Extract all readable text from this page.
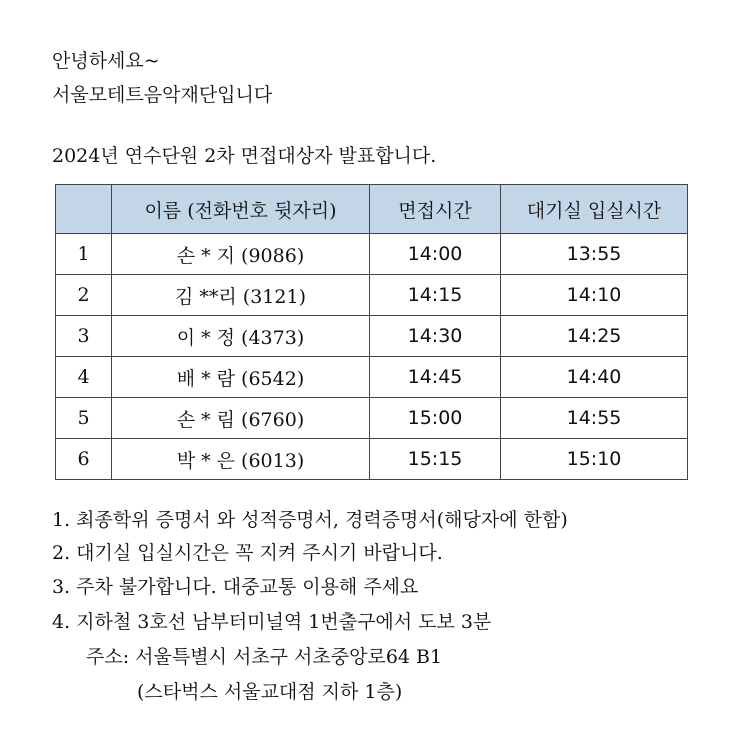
안녕하세요~
서울모테트음악재단입니다
2024년 연수단원 2차 면접대상자 발표합니다.
	이름 (전화번호 뒷자리)	면접시간	대기실 입실시간
1	손 * 지 (9086)	14:00	13:55
2	김 **리 (3121)	14:15	14:10
3	이 * 정 (4373)	14:30	14:25
4	배 * 람 (6542)	14:45	14:40
5	손 * 림 (6760)	15:00	14:55
6	박 * 은 (6013)	15:15	15:10
1. 최종학위 증명서 와 성적증명서, 경력증명서(해당자에 한함)
2. 대기실 입실시간은 꼭 지켜 주시기 바랍니다.
3. 주차 불가합니다. 대중교통 이용해 주세요
4. 지하철 3호선 남부터미널역 1번출구에서 도보 3분
주소: 서울특별시 서초구 서초중앙로64 B1
(스타벅스 서울교대점 지하 1층)
